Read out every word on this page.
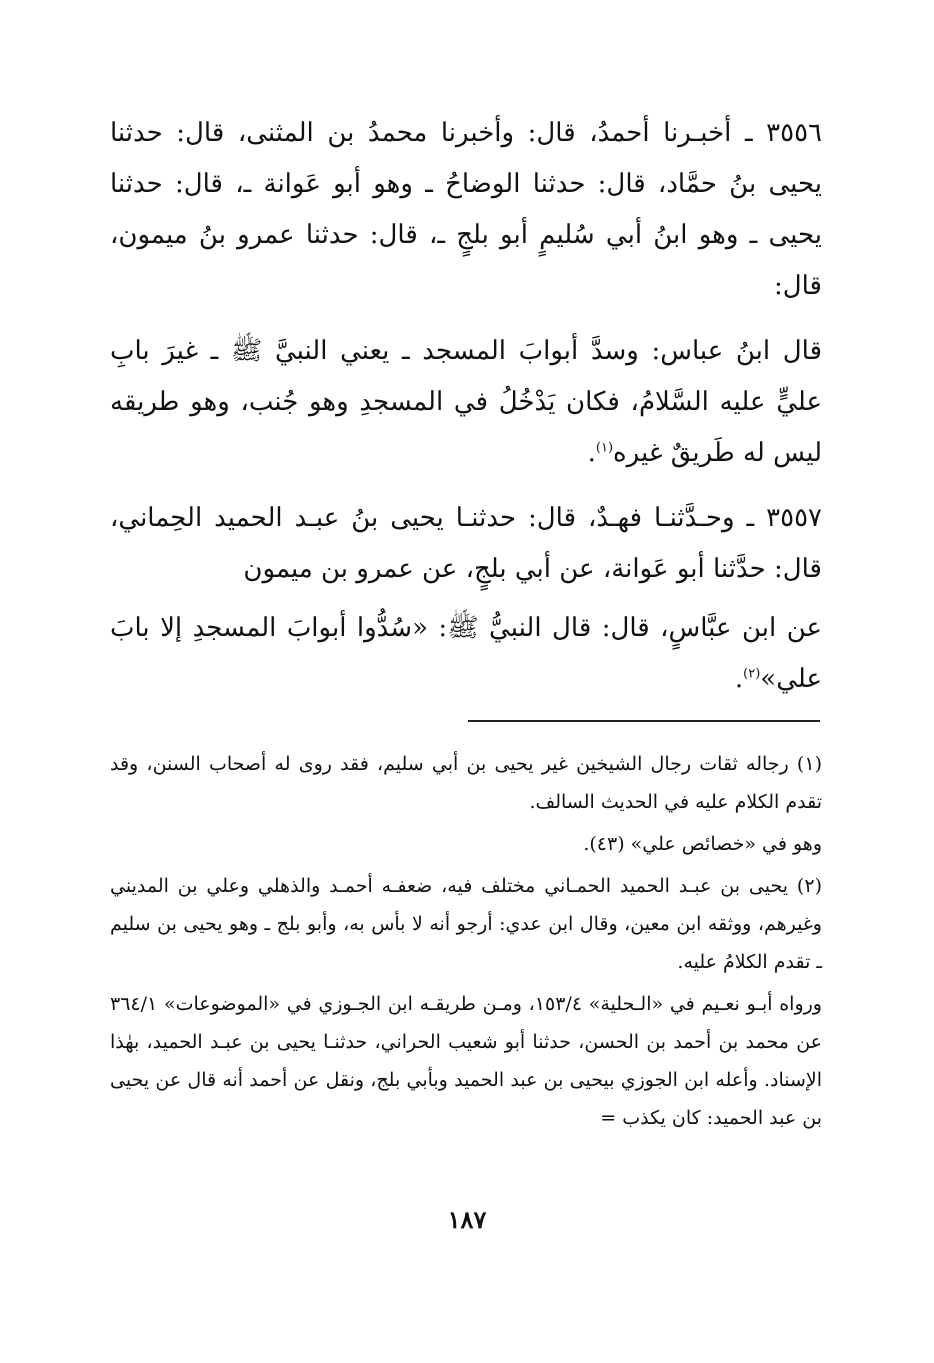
٣٥٥٦ ـ أخبـرنا أحمدُ، قال: وأخبرنا محمدُ بن المثنى، قال: حدثنا يحيى بنُ حمَّاد، قال: حدثنا الوضاحُ ـ وهو أبو عَوانة ـ، قال: حدثنا يحيى ـ وهو ابنُ أبي سُليمٍ أبو بلجٍ ـ، قال: حدثنا عمرو بنُ ميمون، قال:

قال ابنُ عباس: وسدَّ أبوابَ المسجد ـ يعني النبيَّ ﷺ ـ غيرَ بابِ عليٍّ عليه السَّلامُ، فكان يَدْخُلُ في المسجدِ وهو جُنب، وهو طريقه ليس له طَريقٌ غيره$^{(١)}$.

٣٥٥٧ ـ وحـدَّثنـا فهـدٌ، قال: حدثنـا يحيى بنُ عبـد الحميد الحِماني، قال: حدَّثنا أبو عَوانة، عن أبي بلجٍ، عن عمرو بن ميمون

عن ابن عبَّاسٍ، قال: قال النبيُّ ﷺ: «سُدُّوا أبوابَ المسجدِ إلا بابَ علي»$^{(٢)}$.

(١) رجاله ثقات رجال الشيخين غير يحيى بن أبي سليم، فقد روى له أصحاب السنن، وقد تقدم الكلام عليه في الحديث السالف.

وهو في «خصائص علي» (٤٣).

(٢) يحيى بن عبـد الحميد الحمـاني مختلف فيه، ضعفـه أحمـد والذهلي وعلي بن المديني وغيرهم، ووثقه ابن معين، وقال ابن عدي: أرجو أنه لا بأس به، وأبو بلج ـ وهو يحيى بن سليم ـ تقدم الكلامُ عليه.

ورواه أبـو نعـيم في «الـحلية» ١٥٣/٤، ومـن طريقـه ابن الجـوزي في «الموضوعات» ٣٦٤/١ عن محمد بن أحمد بن الحسن، حدثنا أبو شعيب الحراني، حدثنـا يحيى بن عبـد الحميد، بهٰذا الإسناد. وأعله ابن الجوزي بيحيى بن عبد الحميد وبأبي بلج، ونقل عن أحمد أنه قال عن يحيى بن عبد الحميد: كان يكذب =

١٨٧
